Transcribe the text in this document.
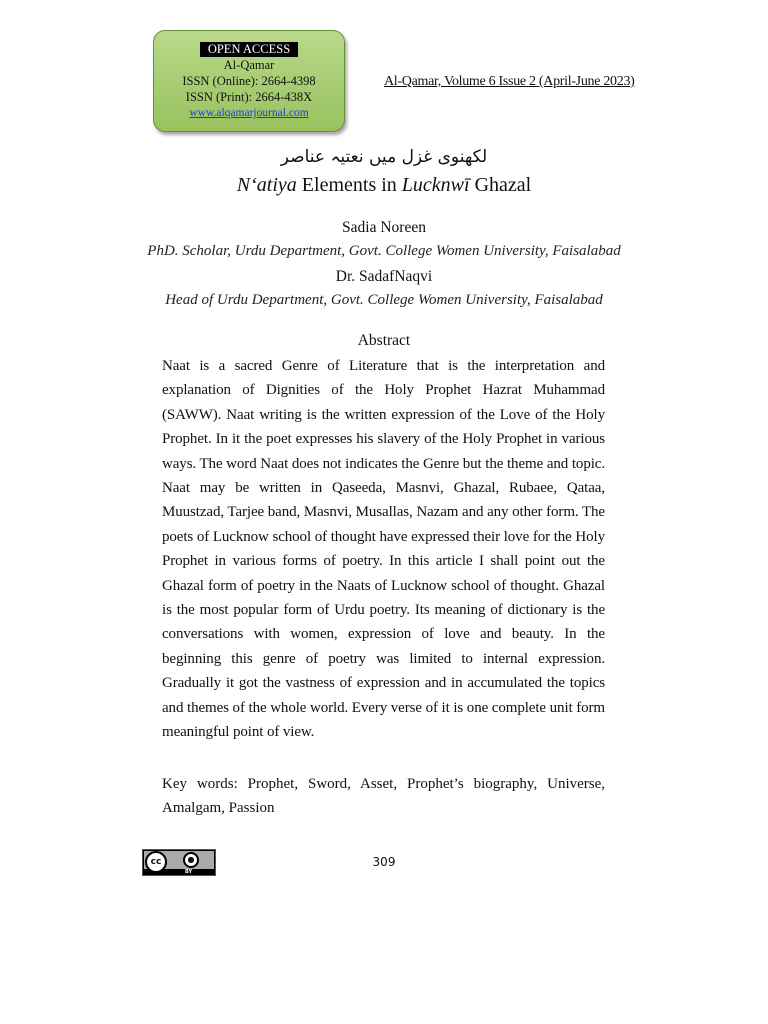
OPEN ACCESS
Al-Qamar
ISSN (Online): 2664-4398
ISSN (Print): 2664-438X
www.alqamarjournal.com
Al-Qamar, Volume 6 Issue 2 (April-June 2023)
لکھنوی غزل میں نعتیہ عناصر
N‘atiya Elements in Lucknwī Ghazal
Sadia Noreen
PhD. Scholar, Urdu Department, Govt. College Women University, Faisalabad
Dr. SadafNaqvi
Head of Urdu Department, Govt. College Women University, Faisalabad
Abstract

Naat is a sacred Genre of Literature that is the interpretation and explanation of Dignities of the Holy Prophet Hazrat Muhammad (SAWW). Naat writing is the written expression of the Love of the Holy Prophet. In it the poet expresses his slavery of the Holy Prophet in various ways. The word Naat does not indicates the Genre but the theme and topic. Naat may be written in Qaseeda, Masnvi, Ghazal, Rubaee, Qataa, Muustzad, Tarjee band, Masnvi, Musallas, Nazam and any other form. The poets of Lucknow school of thought have expressed their love for the Holy Prophet in various forms of poetry. In this article I shall point out the Ghazal form of poetry in the Naats of Lucknow school of thought. Ghazal is the most popular form of Urdu poetry. Its meaning of dictionary is the conversations with women, expression of love and beauty. In the beginning this genre of poetry was limited to internal expression. Gradually it got the vastness of expression and in accumulated the topics and themes of the whole world. Every verse of it is one complete unit form meaningful point of view.

Key words: Prophet, Sword, Asset, Prophet’s biography, Universe, Amalgam, Passion

cc	●
BY
309
